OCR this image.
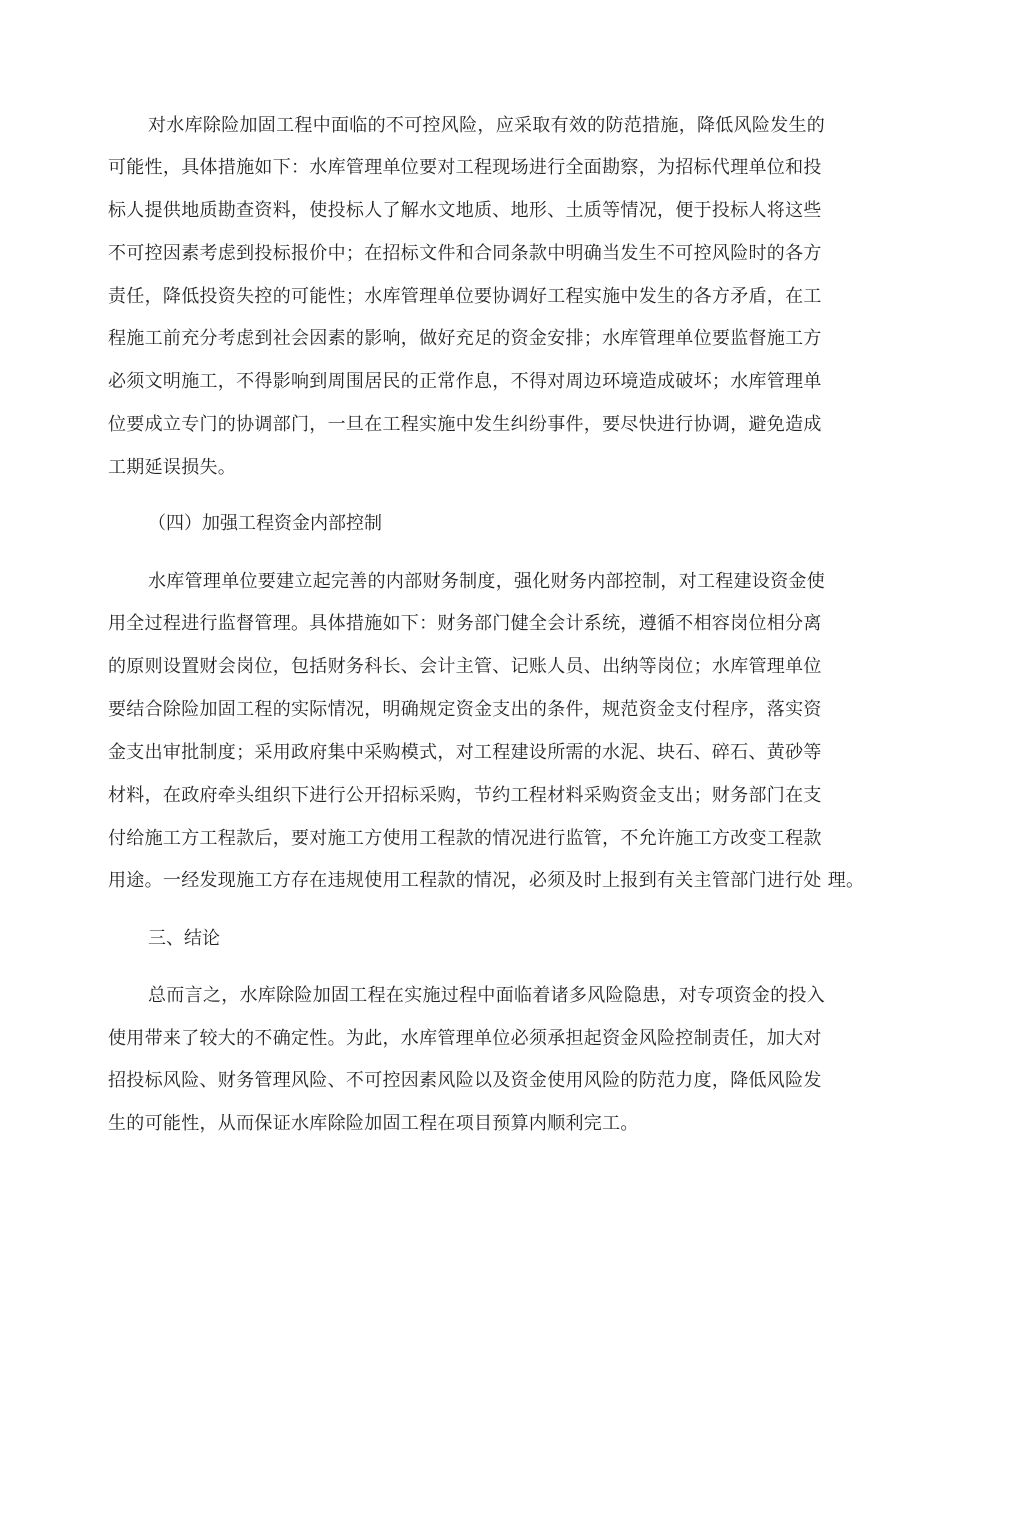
对水库除险加固工程中面临的不可控风险，应采取有效的防范措施，降低风险发生的
可能性，具体措施如下：水库管理单位要对工程现场进行全面勘察，为招标代理单位和投
标人提供地质勘查资料，使投标人了解水文地质、地形、土质等情况，便于投标人将这些
不可控因素考虑到投标报价中；在招标文件和合同条款中明确当发生不可控风险时的各方
责任，降低投资失控的可能性；水库管理单位要协调好工程实施中发生的各方矛盾，在工
程施工前充分考虑到社会因素的影响，做好充足的资金安排；水库管理单位要监督施工方
必须文明施工，不得影响到周围居民的正常作息，不得对周边环境造成破坏；水库管理单
位要成立专门的协调部门，一旦在工程实施中发生纠纷事件，要尽快进行协调，避免造成
工期延误损失。
（四）加强工程资金内部控制
水库管理单位要建立起完善的内部财务制度，强化财务内部控制，对工程建设资金使
用全过程进行监督管理。具体措施如下：财务部门健全会计系统，遵循不相容岗位相分离
的原则设置财会岗位，包括财务科长、会计主管、记账人员、出纳等岗位；水库管理单位
要结合除险加固工程的实际情况，明确规定资金支出的条件，规范资金支付程序，落实资
金支出审批制度；采用政府集中采购模式，对工程建设所需的水泥、块石、碎石、黄砂等
材料，在政府牵头组织下进行公开招标采购，节约工程材料采购资金支出；财务部门在支
付给施工方工程款后，要对施工方使用工程款的情况进行监管，不允许施工方改变工程款
用途。一经发现施工方存在违规使用工程款的情况，必须及时上报到有关主管部门进行处 理。
三、结论
总而言之，水库除险加固工程在实施过程中面临着诸多风险隐患，对专项资金的投入
使用带来了较大的不确定性。为此，水库管理单位必须承担起资金风险控制责任，加大对
招投标风险、财务管理风险、不可控因素风险以及资金使用风险的防范力度，降低风险发
生的可能性，从而保证水库除险加固工程在项目预算内顺利完工。
